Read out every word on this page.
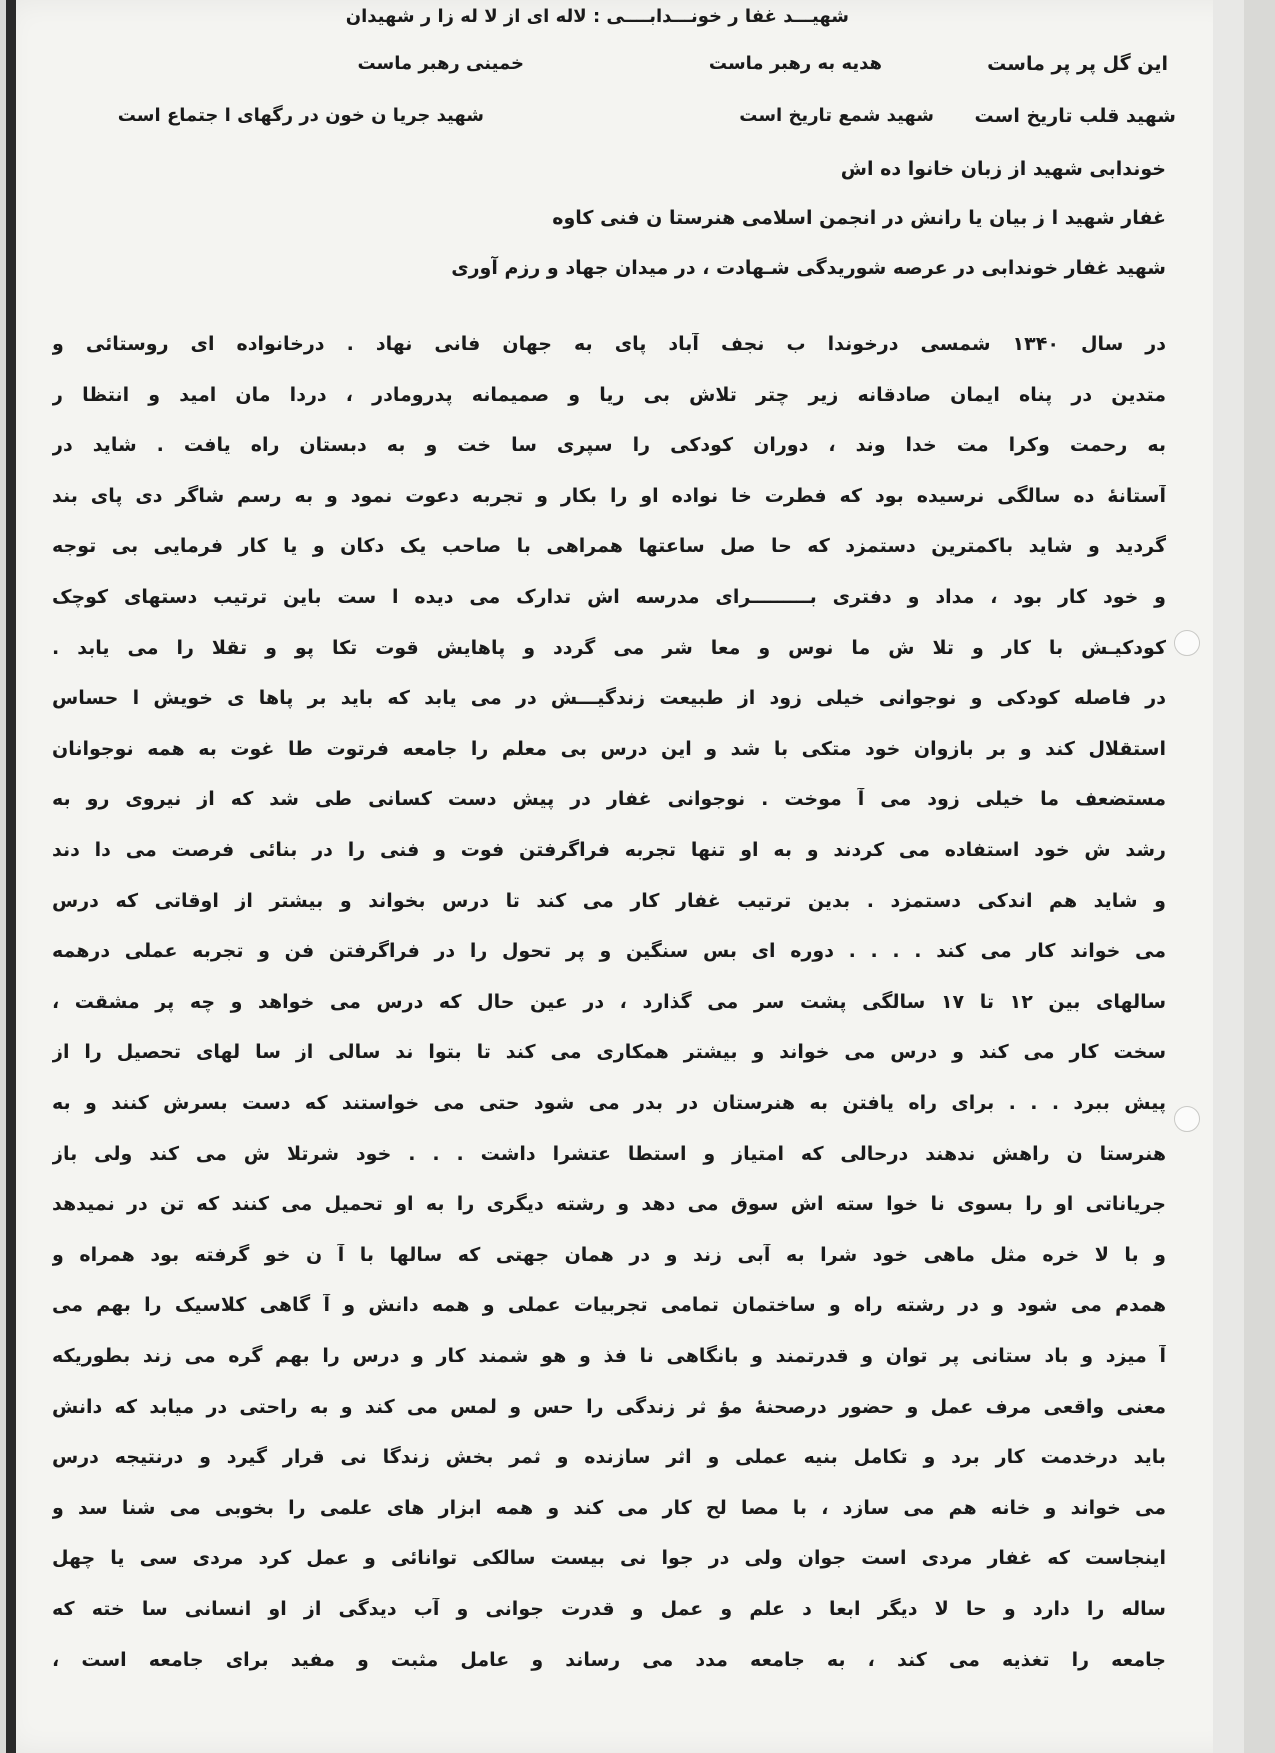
شهیـــد غفا ر خونـــدابــــی : لاله ای از لا له زا ر شهیدان
این گل پر پر ماست
هدیه به رهبر ماست
خمینی رهبر ماست
شهید قلب تاریخ است
شهید شمع تاریخ است
شهید جریا ن خون در رگهای ا جتماع است
خوندابی شهید از زبان خانوا ده اش
غفار شهید ا ز بیان یا رانش در انجمن اسلامی هنرستا ن فنی کاوه
شهید غفار خوندابی در عرصه شوریدگی شـهادت ، در میدان جهاد و رزم آوری
در سال ۱۳۴۰ شمسی درخوندا ب نجف آباد پای به جهان فانی نهاد . درخانواده ای روستائی و
متدین در پناه ایمان صادقانه زیر چتر تلاش بی ریا و صمیمانه پدرومادر ، دردا مان امید و انتظا ر
به رحمت وکرا مت خدا وند ، دوران کودکی را سپری سا خت و به دبستان راه یافت . شاید در
آستانهٔ ده سالگی نرسیده بود که فطرت خا نواده او را بکار و تجربه دعوت نمود و به رسم شاگر دی پای بند
گردید و شاید باکمترین دستمزد که حا صل ساعتها همراهی با صاحب یک دکان و یا کار فرمایی بی توجه
و خود کار بود ، مداد و دفتری بـــــــــرای مدرسه اش تدارک می دیده ا ست باین ترتیب دستهای کوچک
کودکیـش با کار و تلا ش ما نوس و معا شر می گردد و پاهایش قوت تکا پو و تقلا را می یابد .
در فاصله کودکی و نوجوانی خیلی زود از طبیعت زندگیـــش در می یابد که باید بر پاها ی خویش ا حساس
استقلال کند و بر بازوان خود متکی با شد و این درس بی معلم را جامعه فرتوت طا غوت به همه نوجوانان
مستضعف ما خیلی زود می آ موخت . نوجوانی غفار در پیش دست کسانی طی شد که از نیروی رو به
رشد ش خود استفاده می کردند و به او تنها تجربه فراگرفتن فوت و فنی را در بنائی فرصت می دا دند
و شاید هم اندکی دستمزد . بدین ترتیب غفار کار می کند تا درس بخواند و بیشتر از اوقاتی که درس
می خواند کار می کند . . . . دوره ای بس سنگین و پر تحول را در فراگرفتن فن و تجربه عملی درهمه
سالهای بین ۱۲ تا ۱۷ سالگی پشت سر می گذارد ، در عین حال که درس می خواهد و چه پر مشقت ،
سخت کار می کند و درس می خواند و بیشتر همکاری می کند تا بتوا ند سالی از سا لهای تحصیل را از
پیش ببرد . . . برای راه یافتن به هنرستان در بدر می شود حتی می خواستند که دست بسرش کنند و به
هنرستا ن راهش ندهند درحالی که امتیاز و استطا عتشرا داشت . . . خود شرتلا ش می کند ولی باز
جریاناتی او را بسوی نا خوا سته اش سوق می دهد و رشته دیگری را به او تحمیل می کنند که تن در نمیدهد
و با لا خره مثل ماهی خود شرا به آبی زند و در همان جهتی که سالها با آ ن خو گرفته بود همراه و
همدم می شود و در رشته راه و ساختمان تمامی تجربیات عملی و همه دانش و آ گاهی کلاسیک را بهم می
آ میزد و باد ستانی پر توان و قدرتمند و بانگاهی نا فذ و هو شمند کار و درس را بهم گره می زند بطوریکه
معنی واقعی مرف عمل و حضور درصحنهٔ مؤ ثر زندگی را حس و لمس می کند و به راحتی در میابد که دانش
باید درخدمت کار برد و تکامل بنیه عملی و اثر سازنده و ثمر بخش زندگا نی قرار گیرد و درنتیجه درس
می خواند و خانه هم می سازد ، با مصا لح کار می کند و همه ابزار های علمی را بخوبی می شنا سد و
اینجاست که غفار مردی است جوان ولی در جوا نی بیست سالکی توانائی و عمل کرد مردی سی یا چهل
ساله را دارد و حا لا دیگر ابعا د علم و عمل و قدرت جوانی و آب دیدگی از او انسانی سا خته که
جامعه را تغذیه می کند ، به جامعه مدد می رساند و عامل مثبت و مفید برای جامعه است ،
